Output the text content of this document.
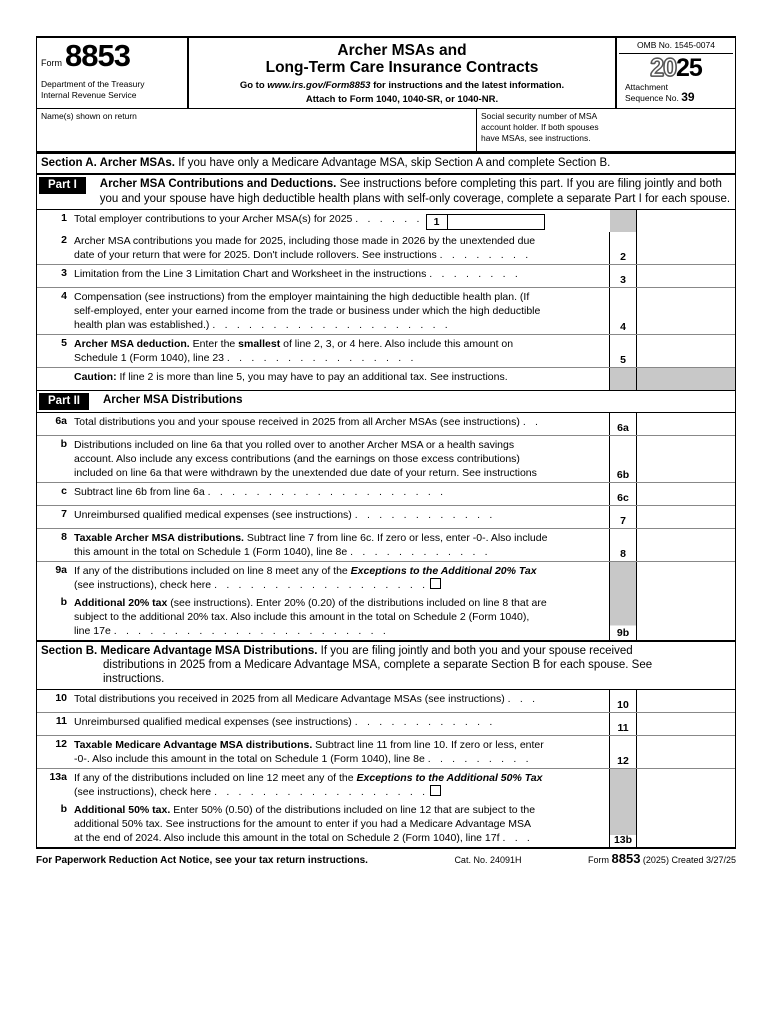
Form 8853
Department of the Treasury
Internal Revenue Service
Archer MSAs and
Long-Term Care Insurance Contracts
Go to www.irs.gov/Form8853 for instructions and the latest information.
Attach to Form 1040, 1040-SR, or 1040-NR.
OMB No. 1545-0074
2025
Attachment
Sequence No. 39
Name(s) shown on return	Social security number of MSA
account holder. If both spouses
have MSAs, see instructions.
Section A. Archer MSAs. If you have only a Medicare Advantage MSA, skip Section A and complete Section B.
Part I	Archer MSA Contributions and Deductions. See instructions before completing this part. If you are filing jointly and both you and your spouse have high deductible health plans with self-only coverage, complete a separate Part I for each spouse.
1 Total employer contributions to your Archer MSA(s) for 2025 . . . . . . 1
2 Archer MSA contributions you made for 2025, including those made in 2026 by the unextended due
date of your return that were for 2025. Don't include rollovers. See instructions . . . . . . . .	2
3 Limitation from the Line 3 Limitation Chart and Worksheet in the instructions . . . . . . . .	3
4 Compensation (see instructions) from the employer maintaining the high deductible health plan. (If
self-employed, enter your earned income from the trade or business under which the high deductible
health plan was established.) . . . . . . . . . . . . . . . . . . . .	4
5 Archer MSA deduction. Enter the smallest of line 2, 3, or 4 here. Also include this amount on
Schedule 1 (Form 1040), line 23 . . . . . . . . . . . . . . . .	5
Caution: If line 2 is more than line 5, you may have to pay an additional tax. See instructions.
Part II	Archer MSA Distributions
6a Total distributions you and your spouse received in 2025 from all Archer MSAs (see instructions) . .	6a
b Distributions included on line 6a that you rolled over to another Archer MSA or a health savings
account. Also include any excess contributions (and the earnings on those excess contributions)
included on line 6a that were withdrawn by the unextended due date of your return. See instructions	6b
c Subtract line 6b from line 6a . . . . . . . . . . . . . . . . . . . .	6c
7 Unreimbursed qualified medical expenses (see instructions) . . . . . . . . . . . .	7
8 Taxable Archer MSA distributions. Subtract line 7 from line 6c. If zero or less, enter -0-. Also include
this amount in the total on Schedule 1 (Form 1040), line 8e . . . . . . . . . . . .	8
9a If any of the distributions included on line 8 meet any of the Exceptions to the Additional 20% Tax
(see instructions), check here . . . . . . . . . . . . . . . . . .
b Additional 20% tax (see instructions). Enter 20% (0.20) of the distributions included on line 8 that are
subject to the additional 20% tax. Also include this amount in the total on Schedule 2 (Form 1040),
line 17e . . . . . . . . . . . . . . . . . . . . . . .	9b
Section B. Medicare Advantage MSA Distributions. If you are filing jointly and both you and your spouse received
distributions in 2025 from a Medicare Advantage MSA, complete a separate Section B for each spouse. See
instructions.
10 Total distributions you received in 2025 from all Medicare Advantage MSAs (see instructions) . . .	10
11 Unreimbursed qualified medical expenses (see instructions) . . . . . . . . . . . .	11
12 Taxable Medicare Advantage MSA distributions. Subtract line 11 from line 10. If zero or less, enter
-0-. Also include this amount in the total on Schedule 1 (Form 1040), line 8e . . . . . . . . .	12
13a If any of the distributions included on line 12 meet any of the Exceptions to the Additional 50% Tax
(see instructions), check here . . . . . . . . . . . . . . . . . .
b Additional 50% tax. Enter 50% (0.50) of the distributions included on line 12 that are subject to the
additional 50% tax. See instructions for the amount to enter if you had a Medicare Advantage MSA
at the end of 2024. Also include this amount in the total on Schedule 2 (Form 1040), line 17f . . .	13b
For Paperwork Reduction Act Notice, see your tax return instructions.	Cat. No. 24091H	Form 8853 (2025) Created 3/27/25
